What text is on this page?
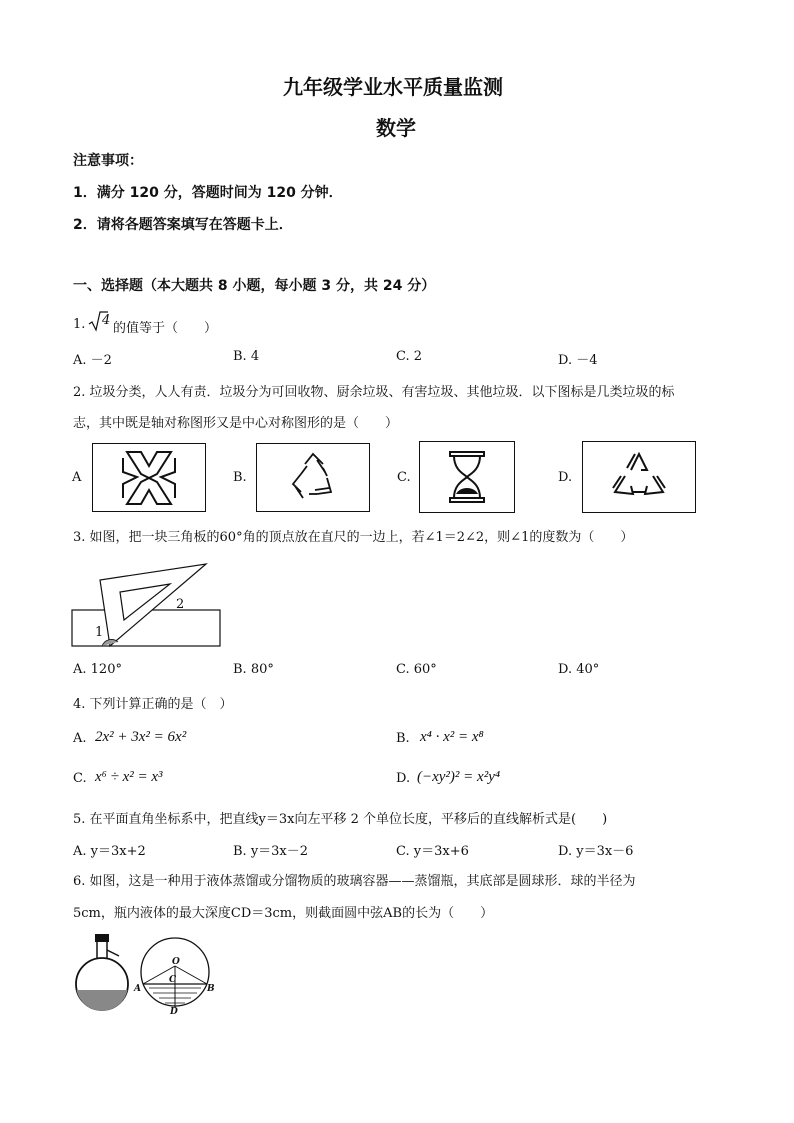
九年级学业水平质量监测
数学
注意事项：
1．满分 120 分，答题时间为 120 分钟．
2．请将各题答案填写在答题卡上．
一、选择题（本大题共 8 小题，每小题 3 分，共 24 分）
1. 4
的值等于（　　）
A. －2	B. 4	C. 2	D. －4
2. 垃圾分类，人人有责．垃圾分为可回收物、厨余垃圾、有害垃圾、其他垃圾．以下图标是几类垃圾的标
志，其中既是轴对称图形又是中心对称图形的是（　　）
A	B.	C.	D.
3. 如图，把一块三角板的60°角的顶点放在直尺的一边上，若∠1＝2∠2，则∠1的度数为（　　）
1
2
A. 120°	B. 80°	C. 60°	D. 40°
4. 下列计算正确的是（　）
A. 2x² + 3x² = 6x²	B. x⁴ · x² = x⁸
C. x⁶ ÷ x² = x³	D. (−xy²)² = x²y⁴
5. 在平面直角坐标系中，把直线y＝3x向左平移 2 个单位长度，平移后的直线解析式是(　　)
A. y＝3x+2	B. y＝3x－2	C. y＝3x+6	D. y＝3x－6
6. 如图，这是一种用于液体蒸馏或分馏物质的玻璃容器——蒸馏瓶，其底部是圆球形．球的半径为
5cm，瓶内液体的最大深度CD＝3cm，则截面圆中弦AB的长为（　　）
O
C
A	B
D
